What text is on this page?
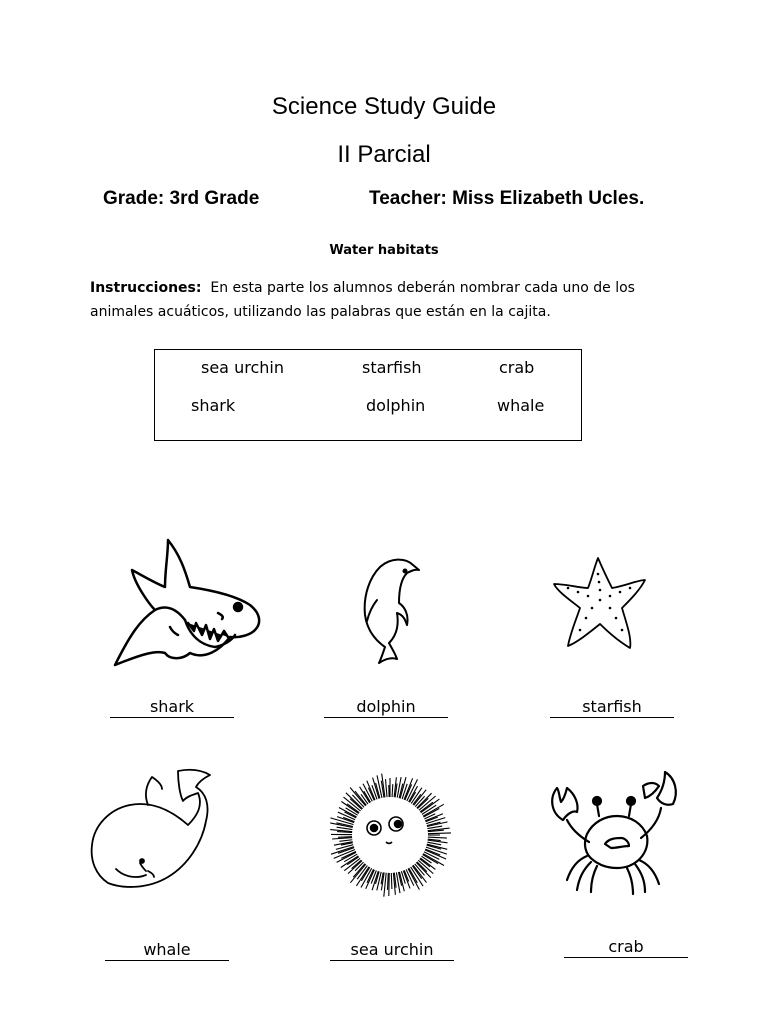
Science Study Guide
II Parcial
Grade: 3rd Grade	Teacher: Miss Elizabeth Ucles.
Water habitats
Instrucciones: En esta parte los alumnos deberán nombrar cada uno de los animales acuáticos, utilizando las palabras que están en la cajita.
sea urchin	starfish	crab
shark	dolphin	whale
shark	dolphin	starfish
whale	sea urchin	crab
